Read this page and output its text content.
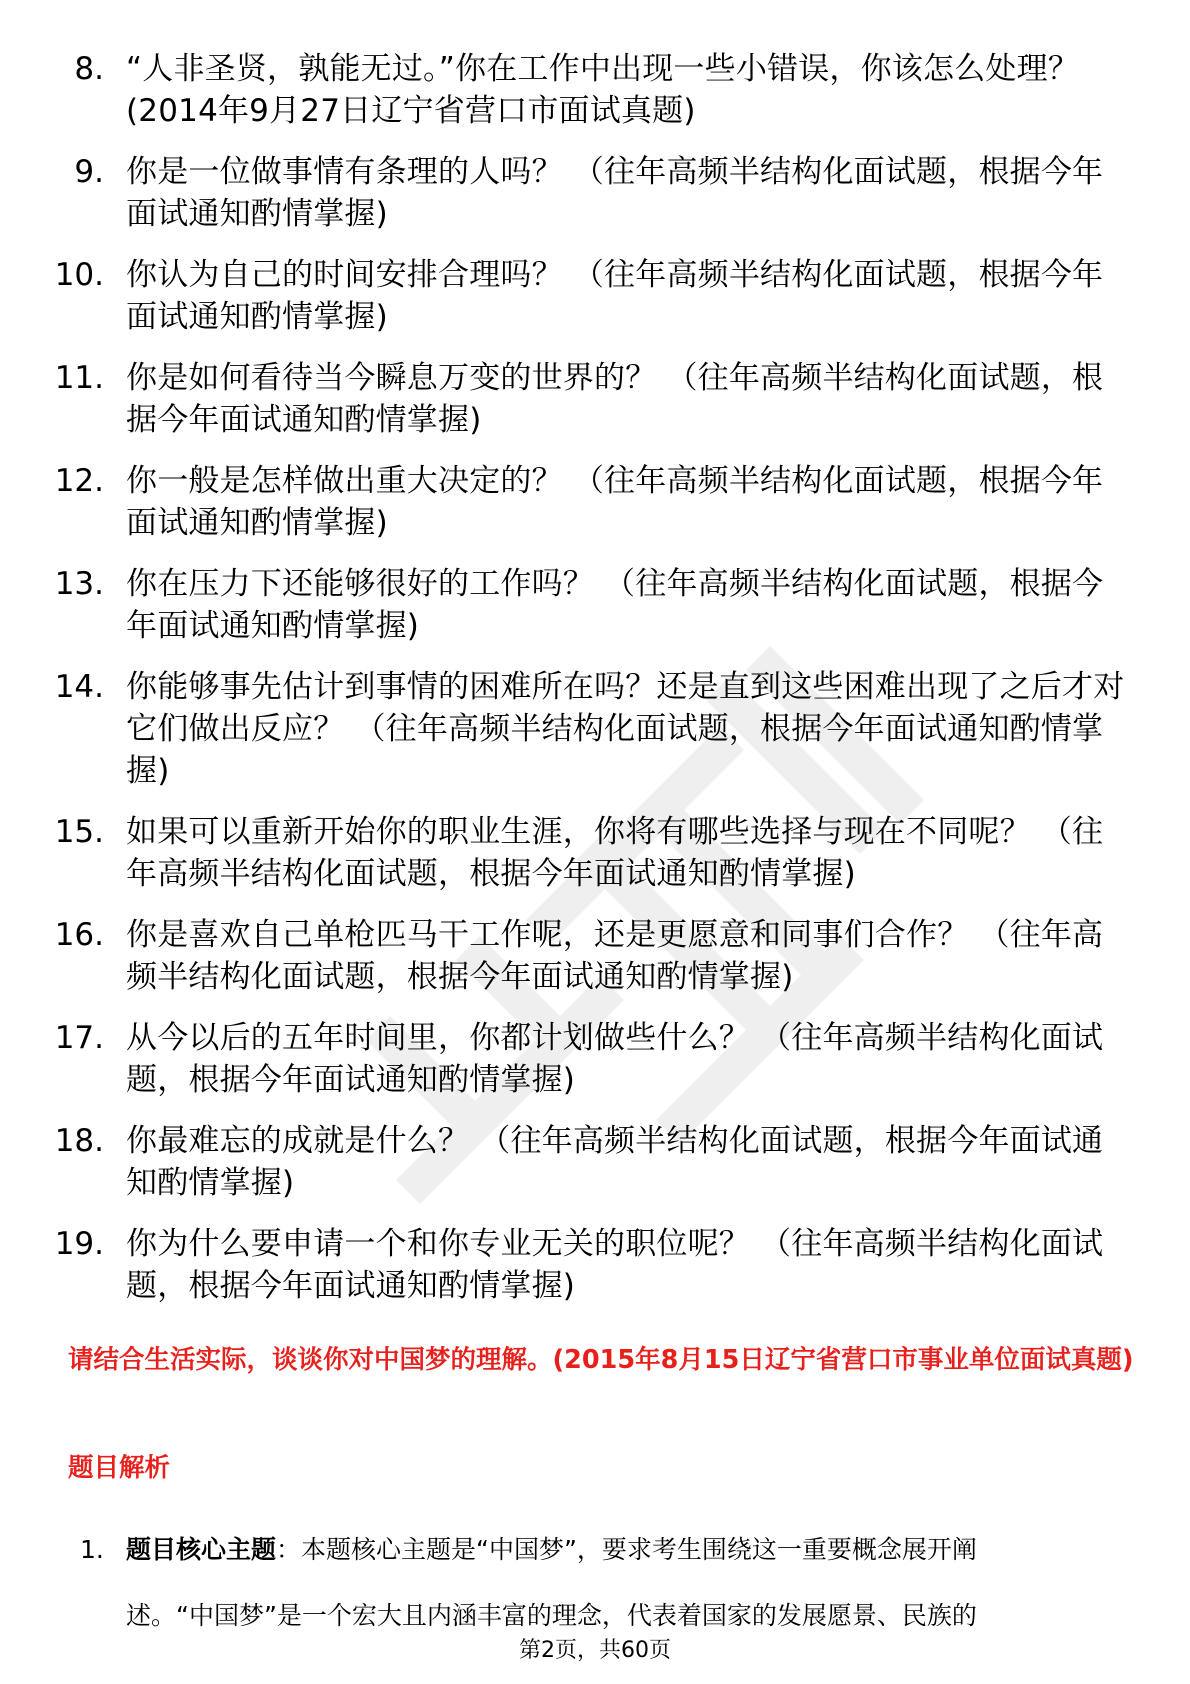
8. “人非圣贤，孰能无过。”你在工作中出现一些小错误，你该怎么处理？(2014年9月27日辽宁省营口市面试真题)
9. 你是一位做事情有条理的人吗？ （往年高频半结构化面试题，根据今年面试通知酌情掌握)
10. 你认为自己的时间安排合理吗？ （往年高频半结构化面试题，根据今年面试通知酌情掌握)
11. 你是如何看待当今瞬息万变的世界的？ （往年高频半结构化面试题，根据今年面试通知酌情掌握)
12. 你一般是怎样做出重大决定的？ （往年高频半结构化面试题，根据今年面试通知酌情掌握)
13. 你在压力下还能够很好的工作吗？ （往年高频半结构化面试题，根据今年面试通知酌情掌握)
14. 你能够事先估计到事情的困难所在吗？还是直到这些困难出现了之后才对它们做出反应？ （往年高频半结构化面试题，根据今年面试通知酌情掌握)
15. 如果可以重新开始你的职业生涯，你将有哪些选择与现在不同呢？ （往年高频半结构化面试题，根据今年面试通知酌情掌握)
16. 你是喜欢自己单枪匹马干工作呢，还是更愿意和同事们合作？ （往年高频半结构化面试题，根据今年面试通知酌情掌握)
17. 从今以后的五年时间里，你都计划做些什么？ （往年高频半结构化面试题，根据今年面试通知酌情掌握)
18. 你最难忘的成就是什么？ （往年高频半结构化面试题，根据今年面试通知酌情掌握)
19. 你为什么要申请一个和你专业无关的职位呢？ （往年高频半结构化面试题，根据今年面试通知酌情掌握)
请结合生活实际，谈谈你对中国梦的理解。(2015年8月15日辽宁省营口市事业单位面试真题)
题目解析
1. 题目核心主题：本题核心主题是“中国梦”，要求考生围绕这一重要概念展开阐
述。“中国梦”是一个宏大且内涵丰富的理念，代表着国家的发展愿景、民族的
第2页，共60页
